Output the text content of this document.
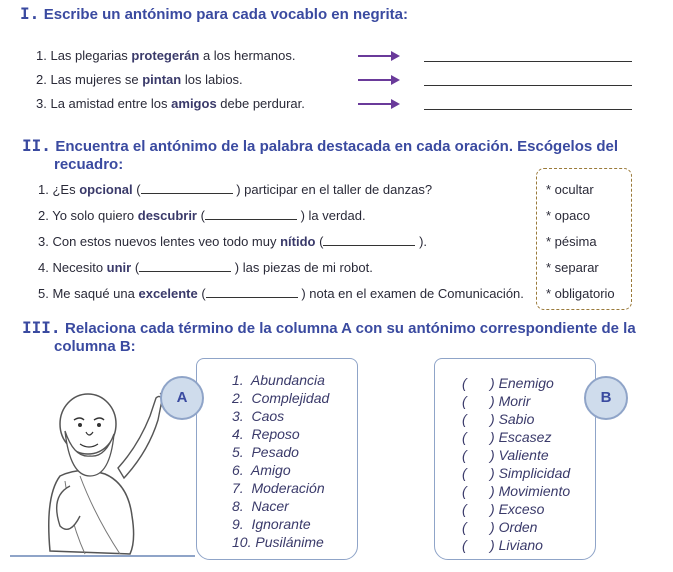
I. Escribe un antónimo para cada vocablo en negrita:
1. Las plegarias protegerán a los hermanos.
2. Las mujeres se pintan los labios.
3. La amistad entre los amigos debe perdurar.
II. Encuentra el antónimo de la palabra destacada en cada oración. Escógelos del
recuadro:
1. ¿Es opcional (	) participar en el taller de danzas?
2. Yo solo quiero descubrir (	) la verdad.
3. Con estos nuevos lentes veo todo muy nítido (	).
4. Necesito unir (	) las piezas de mi robot.
5. Me saqué una excelente (	) nota en el examen de Comunicación.
* ocultar
* opaco
* pésima
* separar
* obligatorio
III. Relaciona cada término de la columna A con su antónimo correspondiente de la
columna B:
A
1.  Abundancia
2.  Complejidad
3.  Caos
4.  Reposo
5.  Pesado
6.  Amigo
7.  Moderación
8.  Nacer
9.  Ignorante
10. Pusilánime
B
(      ) Enemigo
(      ) Morir
(      ) Sabio
(      ) Escasez
(      ) Valiente
(      ) Simplicidad
(      ) Movimiento
(      ) Exceso
(      ) Orden
(      ) Liviano
